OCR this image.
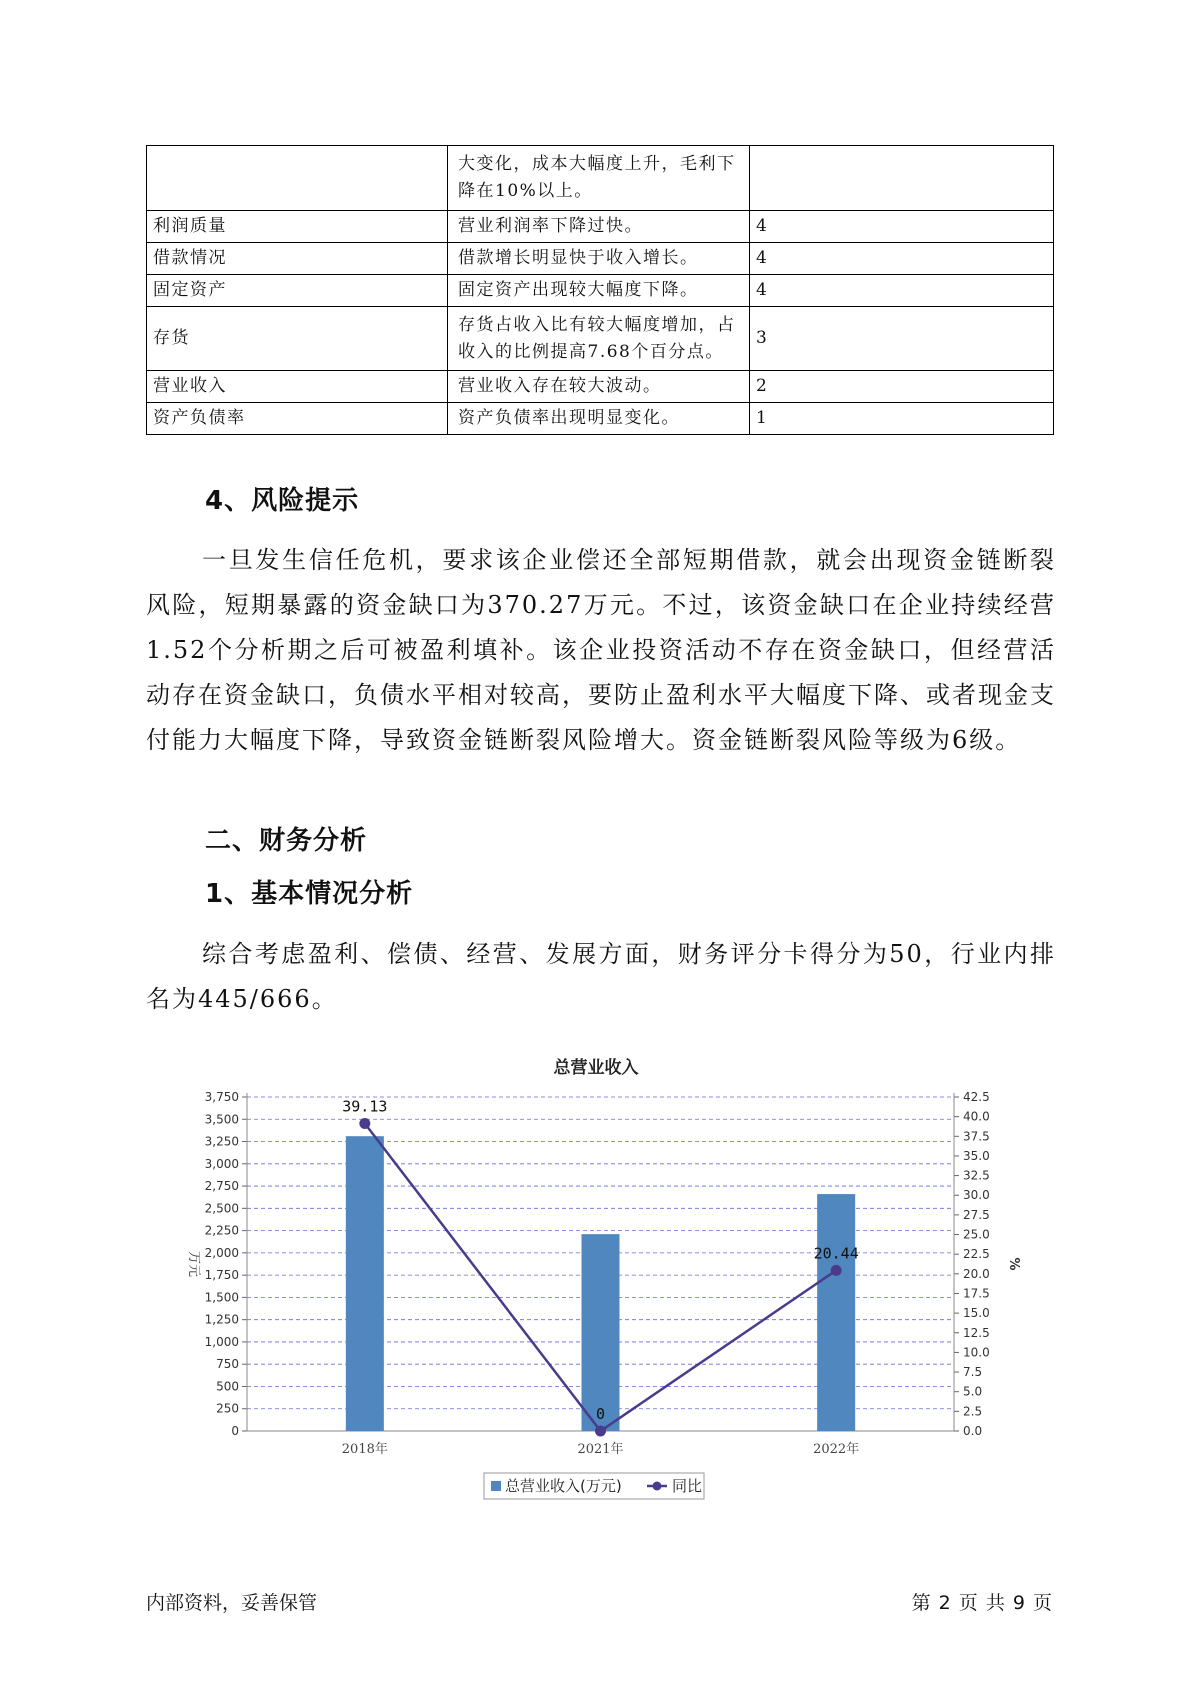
	大变化，成本大幅度上升，毛利下降在10%以上。	
利润质量	营业利润率下降过快。	4
借款情况	借款增长明显快于收入增长。	4
固定资产	固定资产出现较大幅度下降。	4
存货	存货占收入比有较大幅度增加，占收入的比例提高7.68个百分点。	3
营业收入	营业收入存在较大波动。	2
资产负债率	资产负债率出现明显变化。	1
4、风险提示

一旦发生信任危机，要求该企业偿还全部短期借款，就会出现资金链断裂风险，短期暴露的资金缺口为370.27万元。不过，该资金缺口在企业持续经营 1.52个分析期之后可被盈利填补。该企业投资活动不存在资金缺口，但经营活动存在资金缺口，负债水平相对较高，要防止盈利水平大幅度下降、或者现金支付能力大幅度下降，导致资金链断裂风险增大。资金链断裂风险等级为6级。

二、财务分析
1、基本情况分析

综合考虑盈利、偿债、经营、发展方面，财务评分卡得分为50，行业内排名为445/666。

总营业收入
0
250
500
750
1,000
1,250
1,500
1,750
2,000
2,250
2,500
2,750
3,000
3,250
3,500
3,750
0.0
2.5
5.0
7.5
10.0
12.5
15.0
17.5
20.0
22.5
25.0
27.5
30.0
32.5
35.0
37.5
40.0
42.5
万元	%
2018年	2021年	2022年
39.13
0
20.44
总营业收入(万元)	同比
内部资料，妥善保管	第 2 页 共 9 页
